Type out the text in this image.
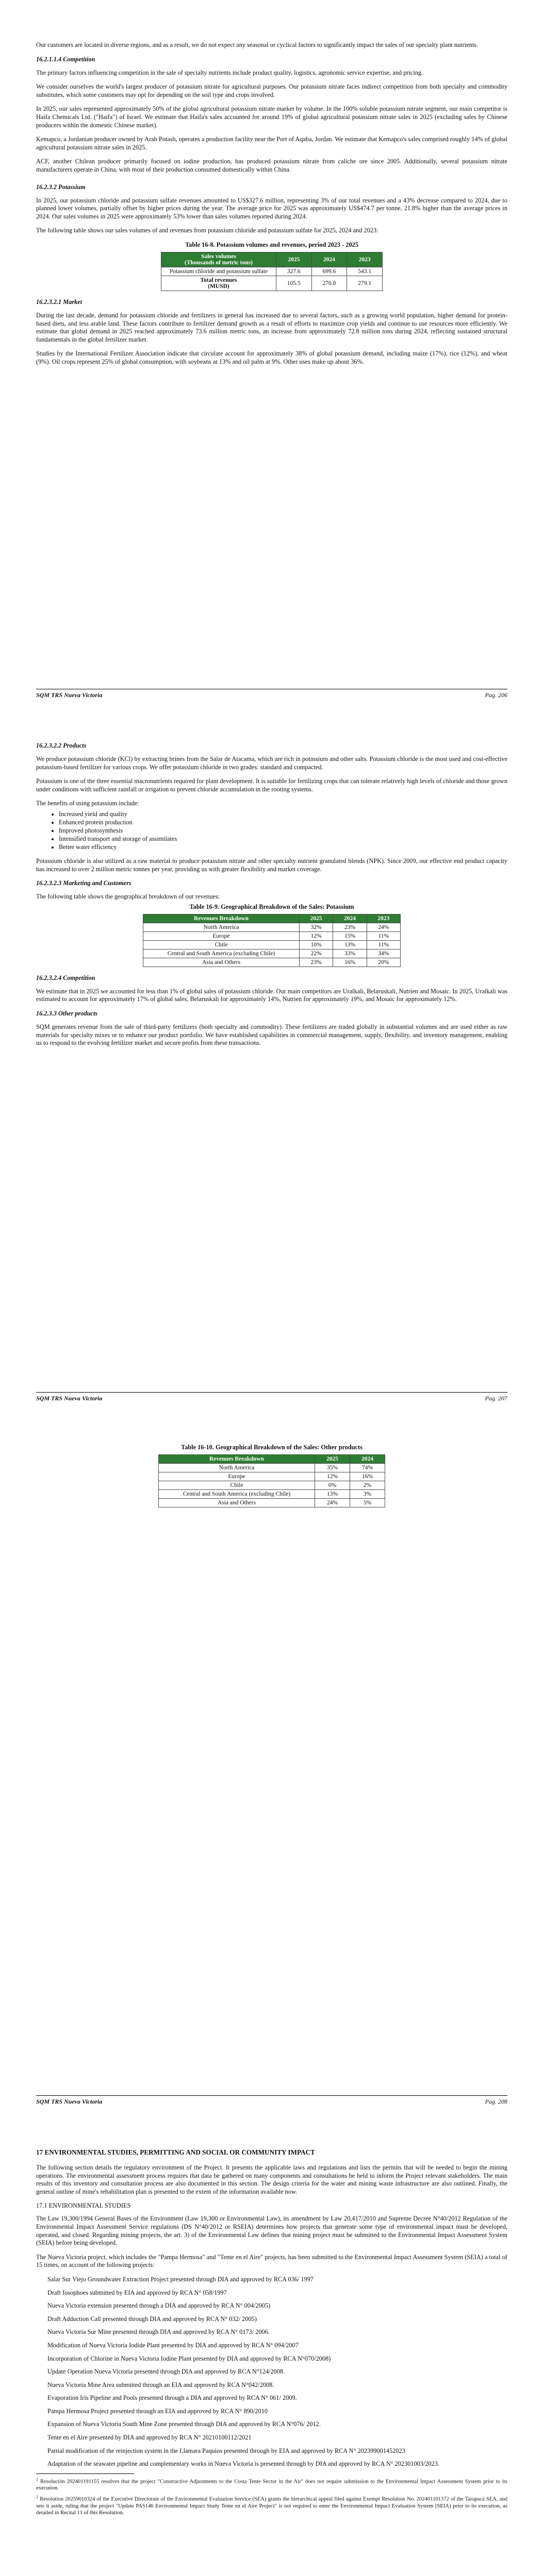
Our customers are located in diverse regions, and as a result, we do not expect any seasonal or cyclical factors to significantly impact the sales of our specialty plant nutrients.

16.2.1.1.4 Competition

The primary factors influencing competition in the sale of specialty nutrients include product quality, logistics, agronomic service expertise, and pricing.

We consider ourselves the world's largest producer of potassium nitrate for agricultural purposes. Our potassium nitrate faces indirect competition from both specialty and commodity substitutes, which some customers may opt for depending on the soil type and crops involved.

In 2025, our sales represented approximately 50% of the global agricultural potassium nitrate market by volume. In the 100% soluble potassium nitrate segment, our main competitor is Haifa Chemicals Ltd. ("Haifa") of Israel. We estimate that Haifa's sales accounted for around 19% of global agricultural potassium nitrate sales in 2025 (excluding sales by Chinese producers within the domestic Chinese market).

Kemapco, a Jordanian producer owned by Arab Potash, operates a production facility near the Port of Aqaba, Jordan. We estimate that Kemapco's sales comprised roughly 14% of global agricultural potassium nitrate sales in 2025.

ACF, another Chilean producer primarily focused on iodine production, has produced potassium nitrate from caliche ore since 2005. Additionally, several potassium nitrate manufacturers operate in China, with most of their production consumed domestically within China.

16.2.3.2 Potassium

In 2025, our potassium chloride and potassium sulfate revenues amounted to US$327.6 million, representing 3% of our total revenues and a 43% decrease compared to 2024, due to planned lower volumes, partially offset by higher prices during the year. The average price for 2025 was approximately US$474.7 per tonne, 21.8% higher than the average prices in 2024. Our sales volumes in 2025 were approximately 53% lower than sales volumes reported during 2024.

The following table shows our sales volumes of and revenues from potassium chloride and potassium sulfate for 2025, 2024 and 2023:

Table 16-8. Potassium volumes and revenues, period 2023 - 2025
Sales volumes
(Thousands of metric tons)	2025	2024	2023
Potassium chloride and potassium sulfate	327.6	699.6	543.1
Total revenues
(MUSD)	105.5	270.8	279.1
16.2.3.2.1 Market

During the last decade, demand for potassium chloride and fertilizers in general has increased due to several factors, such as a growing world population, higher demand for protein-based diets, and less arable land. These factors contribute to fertilizer demand growth as a result of efforts to maximize crop yields and continue to use resources more efficiently. We estimate that global demand in 2025 reached approximately 73.6 million metric tons, an increase from approximately 72.8 million tons during 2024, reflecting sustained structural fundamentals in the global fertilizer market.

Studies by the International Fertilizer Association indicate that circulate account for approximately 38% of global potassium demand, including maize (17%), rice (12%), and wheat (9%). Oil crops represent 25% of global consumption, with soybeans at 13% and oil palm at 9%. Other uses make up about 36%.

SQM TRS Nueva Victoria	Pag. 206
16.2.3.2.2 Products

We produce potassium chloride (KCl) by extracting brines from the Salar de Atacama, which are rich in potassium and other salts. Potassium chloride is the most used and cost-effective potassium-based fertilizer for various crops. We offer potassium chloride in two grades: standard and compacted.

Potassium is one of the three essential macronutrients required for plant development. It is suitable for fertilizing crops that can tolerate relatively high levels of chloride and those grown under conditions with sufficient rainfall or irrigation to prevent chloride accumulation in the rooting systems.

The benefits of using potassium include:

• Increased yield and quality
• Enhanced protein production
• Improved photosynthesis
• Intensified transport and storage of assimilates
• Better water efficiency

Potassium chloride is also utilized as a raw material to produce potassium nitrate and other specialty nutrient granulated blends (NPK). Since 2009, our effective end product capacity has increased to over 2 million metric tonnes per year, providing us with greater flexibility and market coverage.

16.2.3.2.3 Marketing and Customers

The following table shows the geographical breakdown of our revenues:

Table 16-9. Geographical Breakdown of the Sales: Potassium
Revenues Breakdown	2025	2024	2023
North America	32%	23%	24%
Europe	12%	15%	11%
Chile	10%	13%	11%
Central and South America (excluding Chile)	22%	33%	34%
Asia and Others	23%	16%	20%
16.2.3.2.4 Competition

We estimate that in 2025 we accounted for less than 1% of global sales of potassium chloride. Our main competitors are Uralkali, Belaruskali, Nutrien and Mosaic. In 2025, Uralkali was estimated to account for approximately 17% of global sales, Belaruskali for approximately 14%, Nutrien for approximately 19%, and Mosaic for approximately 12%.

16.2.3.3 Other products

SQM generates revenue from the sale of third-party fertilizers (both specialty and commodity). These fertilizers are traded globally in substantial volumes and are used either as raw materials for specialty mixes or to enhance our product portfolio. We have established capabilities in commercial management, supply, flexibility, and inventory management, enabling us to respond to the evolving fertilizer market and secure profits from these transactions.

SQM TRS Nueva Victoria	Pag. 207
Table 16-10. Geographical Breakdown of the Sales: Other products
Revenues Breakdown	2025	2024
North America	35%	74%
Europe	12%	16%
Chile	0%	2%
Central and South America (excluding Chile)	13%	3%
Asia and Others	24%	5%
SQM TRS Nueva Victoria	Pag. 208
17 ENVIRONMENTAL STUDIES, PERMITTING AND SOCIAL OR COMMUNITY IMPACT

The following section details the regulatory environment of the Project. It presents the applicable laws and regulations and lists the permits that will be needed to begin the mining operations. The environmental assessment process requires that data be gathered on many components and consultations be held to inform the Project relevant stakeholders. The main results of this inventory and consultation process are also documented in this section. The design criteria for the water and mining waste infrastructure are also outlined. Finally, the general outline of mine's rehabilitation plan is presented to the extent of the information available now.

17.1 ENVIRONMENTAL STUDIES

The Law 19,300/1994 General Bases of the Environment (Law 19,300 or Environmental Law), its amendment by Law 20,417/2010 and Supreme Decree N°40/2012 Regulation of the Environmental Impact Assessment Service regulations (DS N°40/2012 or RSEIA) determines how projects that generate some type of environmental impact must be developed, operated, and closed. Regarding mining projects, the art. 3) of the Environmental Law defines that mining project must be submitted to the Environmental Impact Assessment System (SEIA) before being developed.

The Nueva Victoria project, which includes the "Pampa Hermosa" and "Tente en el Aire" projects, has been submitted to the Environmental Impact Assessment System (SEIA) a total of 15 times, on account of the following projects:

Salar Sur Viejo Groundwater Extraction Project presented through DIA and approved by RCA 036/ 1997

Draft Iosophoes submitted by EIA and approved by RCA N° 058/1997

Nueva Victoria extension presented through a DIA and approved by RCA N° 004/2005)

Draft Adduction Call presented through DIA and approved by RCA N° 032/ 2005)

Nueva Victoria Sur Mine presented through DIA and approved by RCA N° 0173/ 2006.

Modification of Nueva Victoria Iodide Plant presented by DIA and approved by RCA N° 094/2007

Incorporation of Chlorine in Nueva Victoria Iodine Plant presented by DIA and approved by RCA N°070/2008)

Update Operation Nueva Victoria presented through DIA and approved by RCA N°124/2008.

Nueva Victoria Mine Area submitted through an EIA and approved by RCA N°042/2008.

Evaporation Iris Pipeline and Pools presented through a DIA and approved by RCA N° 061/ 2009.

Pampa Hermosa Project presented through an EIA and approved by RCA N° 890/2010

Expansion of Nueva Victoria South Mine Zone presented through DIA and approved by RCA N°076/ 2012.

Tente en el Aire presented by DIA and approved by RCA N° 20210100112/2021

Partial modification of the reinjection system in the Llamara Paquios presented through by EIA and approved by RCA N° 202399001452023

Adaptation of the seawater pipeline and complementary works in Nueva Victoria is presented through by DIA and approved by RCA N° 202301003/2023.

$^1$ Resolución 202401191155 resolves that the project "Constructive Adjustments to the Costa Tente Sector in the Air" does not require submission to the Environmental Impact Assessment System prior to its execution.

$^2$ Resolution 20259010324 of the Executive Directorate of the Environmental Evaluation Service (SEA) grants the hierarchical appeal filed against Exempt Resolution No. 202401101372 of the Tarapacá SEA, and sets it aside, ruling that the project "Update PAS146 Environmental Impact Study Tente en el Aire Project" is not required to enter the Environmental Impact Evaluation System (SEIA) prior to its execution, as detailed in Recital 11 of this Resolution.
